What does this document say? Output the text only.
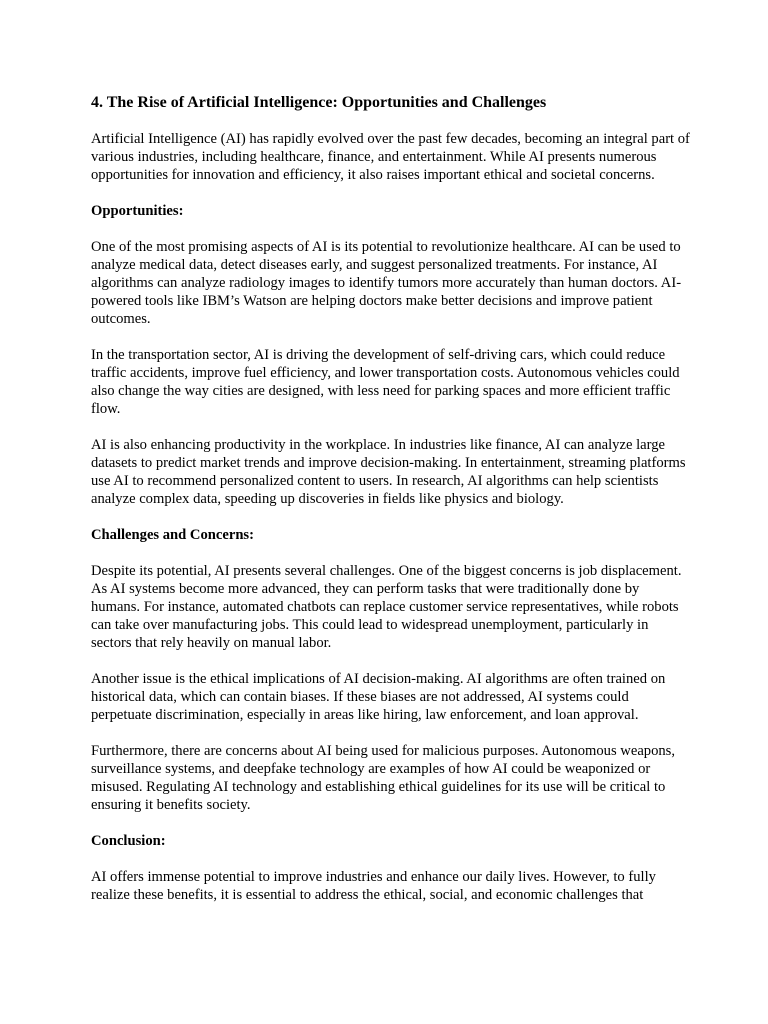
4. The Rise of Artificial Intelligence: Opportunities and Challenges

Artificial Intelligence (AI) has rapidly evolved over the past few decades, becoming an integral part of various industries, including healthcare, finance, and entertainment. While AI presents numerous opportunities for innovation and efficiency, it also raises important ethical and societal concerns.

Opportunities:

One of the most promising aspects of AI is its potential to revolutionize healthcare. AI can be used to analyze medical data, detect diseases early, and suggest personalized treatments. For instance, AI algorithms can analyze radiology images to identify tumors more accurately than human doctors. AI-powered tools like IBM’s Watson are helping doctors make better decisions and improve patient outcomes.

In the transportation sector, AI is driving the development of self-driving cars, which could reduce traffic accidents, improve fuel efficiency, and lower transportation costs. Autonomous vehicles could also change the way cities are designed, with less need for parking spaces and more efficient traffic flow.

AI is also enhancing productivity in the workplace. In industries like finance, AI can analyze large datasets to predict market trends and improve decision-making. In entertainment, streaming platforms use AI to recommend personalized content to users. In research, AI algorithms can help scientists analyze complex data, speeding up discoveries in fields like physics and biology.

Challenges and Concerns:

Despite its potential, AI presents several challenges. One of the biggest concerns is job displacement. As AI systems become more advanced, they can perform tasks that were traditionally done by humans. For instance, automated chatbots can replace customer service representatives, while robots can take over manufacturing jobs. This could lead to widespread unemployment, particularly in sectors that rely heavily on manual labor.

Another issue is the ethical implications of AI decision-making. AI algorithms are often trained on historical data, which can contain biases. If these biases are not addressed, AI systems could perpetuate discrimination, especially in areas like hiring, law enforcement, and loan approval.

Furthermore, there are concerns about AI being used for malicious purposes. Autonomous weapons, surveillance systems, and deepfake technology are examples of how AI could be weaponized or misused. Regulating AI technology and establishing ethical guidelines for its use will be critical to ensuring it benefits society.

Conclusion:

AI offers immense potential to improve industries and enhance our daily lives. However, to fully realize these benefits, it is essential to address the ethical, social, and economic challenges that
